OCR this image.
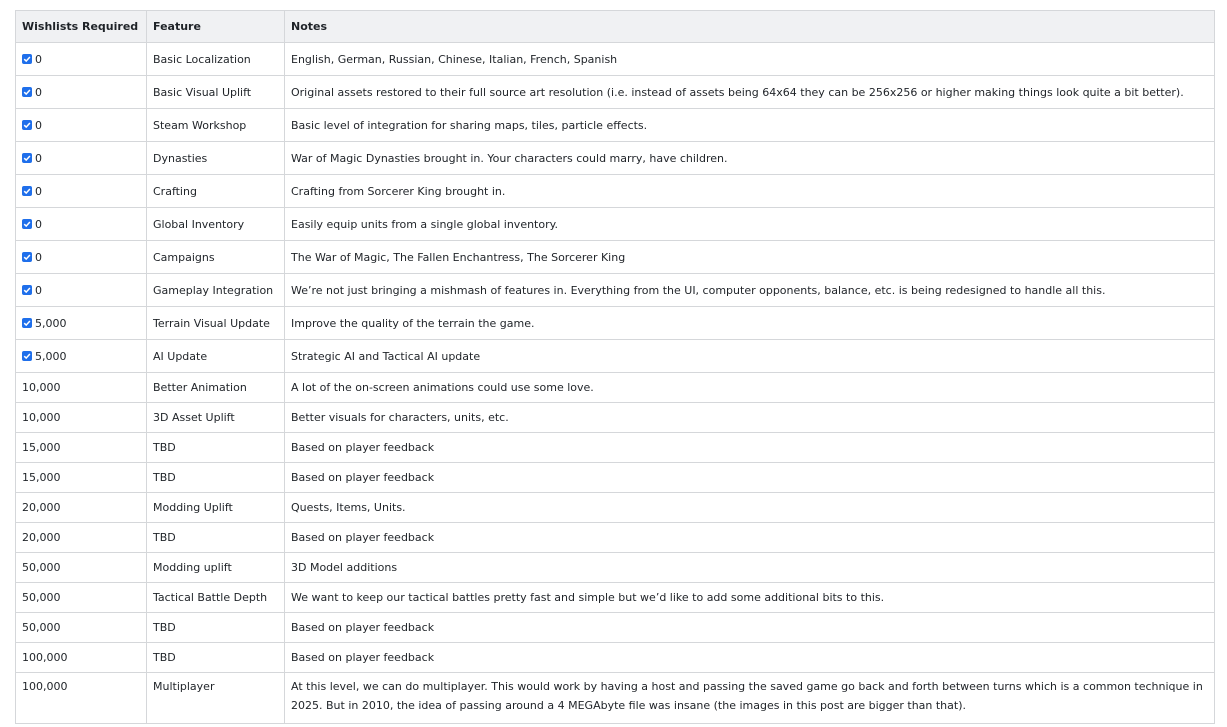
Wishlists Required	Feature	Notes

0	Basic Localization	English, German, Russian, Chinese, Italian, French, Spanish

0	Basic Visual Uplift	Original assets restored to their full source art resolution (i.e. instead of assets being 64x64 they can be 256x256 or higher making things look quite a bit better).

0	Steam Workshop	Basic level of integration for sharing maps, tiles, particle effects.

0	Dynasties	War of Magic Dynasties brought in. Your characters could marry, have children.

0	Crafting	Crafting from Sorcerer King brought in.

0	Global Inventory	Easily equip units from a single global inventory.

0	Campaigns	The War of Magic, The Fallen Enchantress, The Sorcerer King

0	Gameplay Integration	We’re not just bringing a mishmash of features in. Everything from the UI, computer opponents, balance, etc. is being redesigned to handle all this.

5,000	Terrain Visual Update	Improve the quality of the terrain the game.

5,000	AI Update	Strategic AI and Tactical AI update
10,000	Better Animation	A lot of the on-screen animations could use some love.
10,000	3D Asset Uplift	Better visuals for characters, units, etc.
15,000	TBD	Based on player feedback
15,000	TBD	Based on player feedback
20,000	Modding Uplift	Quests, Items, Units.
20,000	TBD	Based on player feedback
50,000	Modding uplift	3D Model additions
50,000	Tactical Battle Depth	We want to keep our tactical battles pretty fast and simple but we’d like to add some additional bits to this.
50,000	TBD	Based on player feedback
100,000	TBD	Based on player feedback
100,000	Multiplayer	At this level, we can do multiplayer. This would work by having a host and passing the saved game go back and forth between turns which is a common technique in 2025. But in 2010, the idea of passing around a 4 MEGAbyte file was insane (the images in this post are bigger than that).
